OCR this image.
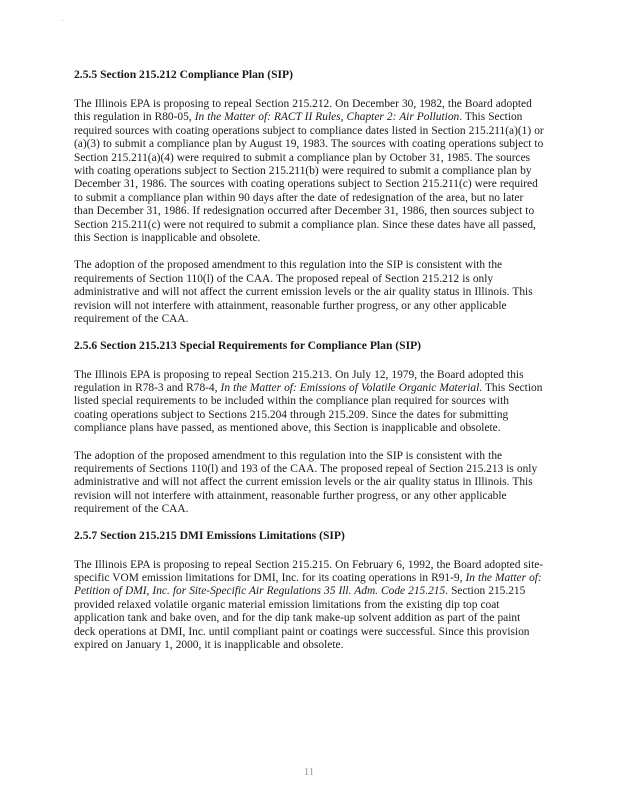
2.5.5 Section 215.212 Compliance Plan (SIP)

The Illinois EPA is proposing to repeal Section 215.212. On December 30, 1982, the Board adopted this regulation in R80-05, In the Matter of: RACT II Rules, Chapter 2: Air Pollution. This Section required sources with coating operations subject to compliance dates listed in Section 215.211(a)(1) or (a)(3) to submit a compliance plan by August 19, 1983. The sources with coating operations subject to Section 215.211(a)(4) were required to submit a compliance plan by October 31, 1985. The sources with coating operations subject to Section 215.211(b) were required to submit a compliance plan by December 31, 1986. The sources with coating operations subject to Section 215.211(c) were required to submit a compliance plan within 90 days after the date of redesignation of the area, but no later than December 31, 1986. If redesignation occurred after December 31, 1986, then sources subject to Section 215.211(c) were not required to submit a compliance plan. Since these dates have all passed, this Section is inapplicable and obsolete.

The adoption of the proposed amendment to this regulation into the SIP is consistent with the requirements of Section 110(l) of the CAA. The proposed repeal of Section 215.212 is only administrative and will not affect the current emission levels or the air quality status in Illinois. This revision will not interfere with attainment, reasonable further progress, or any other applicable requirement of the CAA.

2.5.6 Section 215.213 Special Requirements for Compliance Plan (SIP)

The Illinois EPA is proposing to repeal Section 215.213. On July 12, 1979, the Board adopted this regulation in R78-3 and R78-4, In the Matter of: Emissions of Volatile Organic Material. This Section listed special requirements to be included within the compliance plan required for sources with coating operations subject to Sections 215.204 through 215.209. Since the dates for submitting compliance plans have passed, as mentioned above, this Section is inapplicable and obsolete.

The adoption of the proposed amendment to this regulation into the SIP is consistent with the requirements of Sections 110(l) and 193 of the CAA. The proposed repeal of Section 215.213 is only administrative and will not affect the current emission levels or the air quality status in Illinois. This revision will not interfere with attainment, reasonable further progress, or any other applicable requirement of the CAA.

2.5.7 Section 215.215 DMI Emissions Limitations (SIP)

The Illinois EPA is proposing to repeal Section 215.215. On February 6, 1992, the Board adopted site-specific VOM emission limitations for DMI, Inc. for its coating operations in R91-9, In the Matter of: Petition of DMI, Inc. for Site-Specific Air Regulations 35 Ill. Adm. Code 215.215. Section 215.215 provided relaxed volatile organic material emission limitations from the existing dip top coat application tank and bake oven, and for the dip tank make-up solvent addition as part of the paint deck operations at DMI, Inc. until compliant paint or coatings were successful. Since this provision expired on January 1, 2000, it is inapplicable and obsolete.

11
